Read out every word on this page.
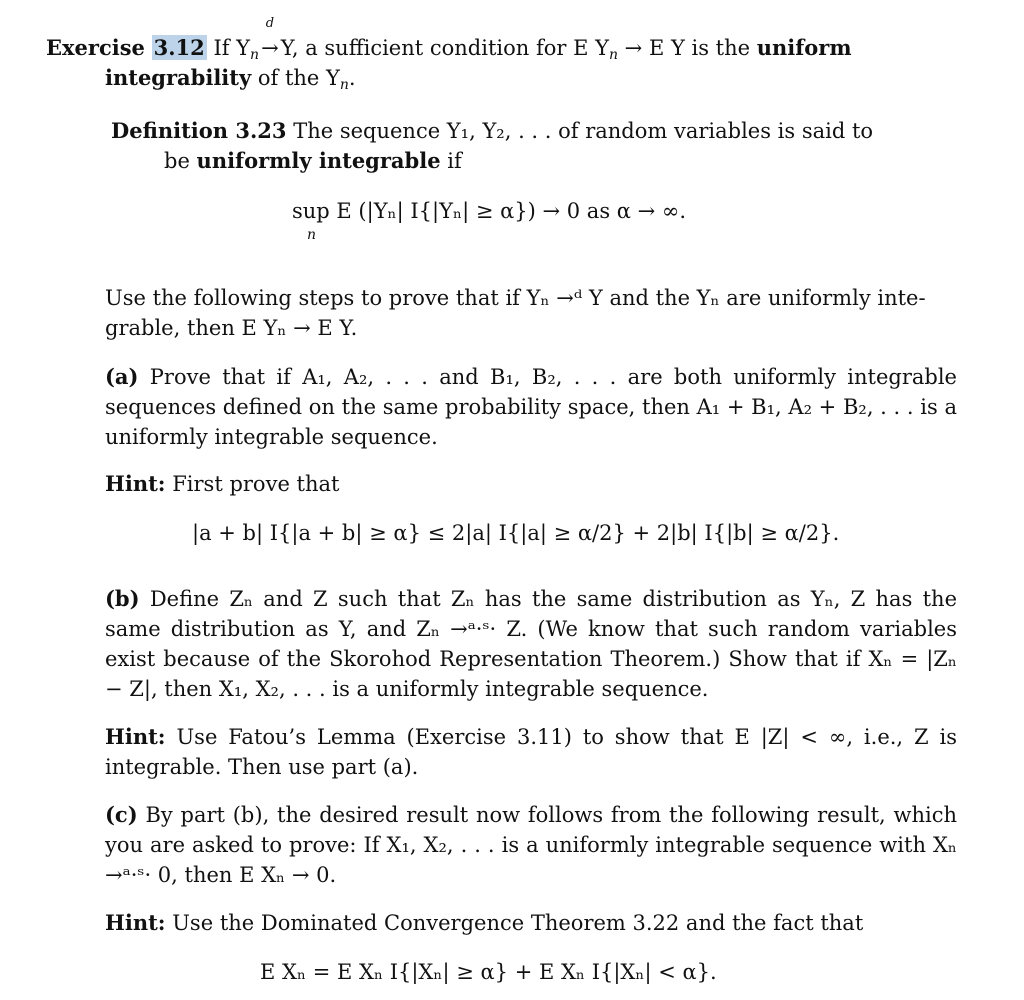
Exercise 3.12 If $Y_n$
d
→Y, a sufficient condition for E $Y_n \to E$ Y is the uniform
integrability of the $Y_n$.
Definition 3.23 The sequence Y₁, Y₂, . . . of random variables is said to
be uniformly integrable if
sup E (|Yₙ| I{|Yₙ| ≥ α}) → 0 as α → ∞.
n
Use the following steps to prove that if Yₙ →ᵈ Y and the Yₙ are uniformly inte-
grable, then E Yₙ → E Y.
(a) Prove that if A₁, A₂, . . . and B₁, B₂, . . . are both uniformly integrable sequences defined on the same probability space, then A₁ + B₁, A₂ + B₂, . . . is a uniformly integrable sequence.
Hint: First prove that
|a + b| I{|a + b| ≥ α} ≤ 2|a| I{|a| ≥ α/2} + 2|b| I{|b| ≥ α/2}.
(b) Define Zₙ and Z such that Zₙ has the same distribution as Yₙ, Z has the same distribution as Y, and Zₙ →ᵃ·ˢ· Z. (We know that such random variables exist because of the Skorohod Representation Theorem.) Show that if Xₙ = |Zₙ − Z|, then X₁, X₂, . . . is a uniformly integrable sequence.
Hint: Use Fatou’s Lemma (Exercise 3.11) to show that E |Z| < ∞, i.e., Z is integrable. Then use part (a).
(c) By part (b), the desired result now follows from the following result, which you are asked to prove: If X₁, X₂, . . . is a uniformly integrable sequence with Xₙ →ᵃ·ˢ· 0, then E Xₙ → 0.
Hint: Use the Dominated Convergence Theorem 3.22 and the fact that
E Xₙ = E Xₙ I{|Xₙ| ≥ α} + E Xₙ I{|Xₙ| < α}.
